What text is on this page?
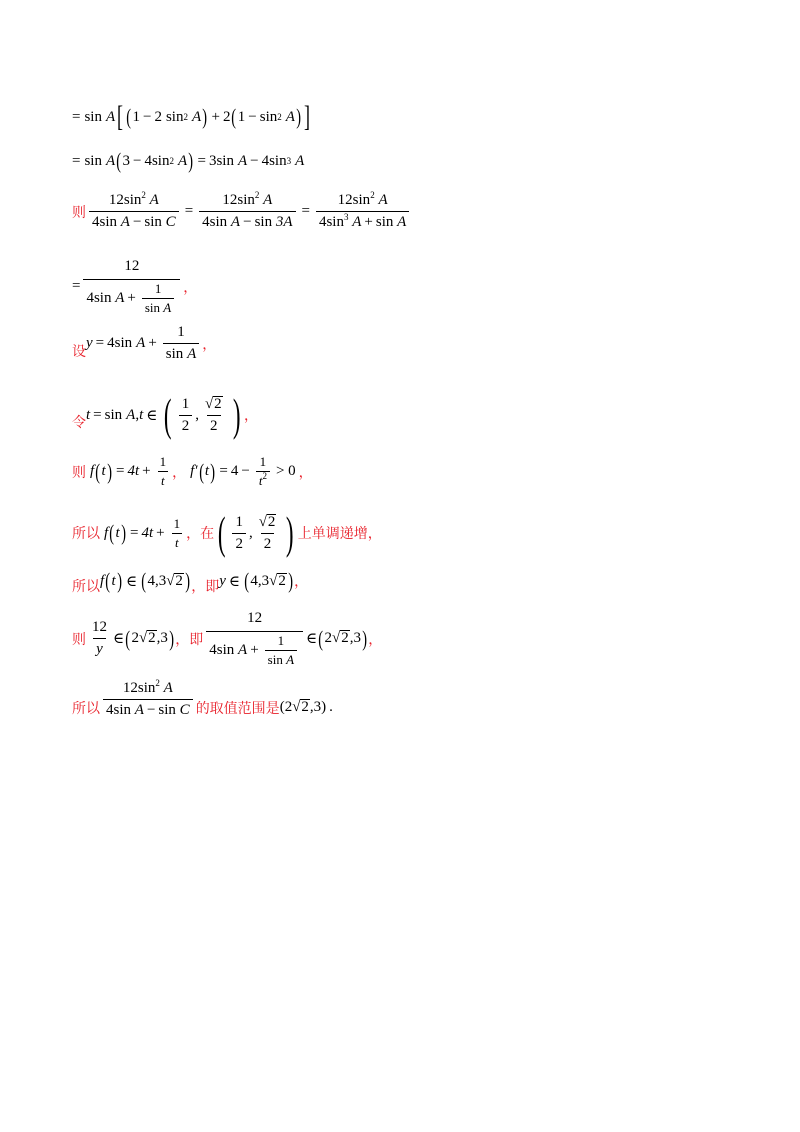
= sin A [ ( 1 − 2 sin 2 A ) + 2 ( 1 − sin 2 A ) ]
= sin A ( 3 − 4 sin 2 A ) = 3 sin A − 4 sin 3 A
则 $\frac{12\sin^2 A}{\text{4sin A − sin C}} = \frac{12\sin^2 A}{\text{4sin A − sin 3A}} = \frac{12\sin^2 A}{4\sin^3 A + \sin A}$
= 12
4 sin
$A + \frac{1}{\text{sin A}}$ ，
设
y = 4 $\sin A + \frac{1}{\text{sin A}}$ ，
令
t = sin A , t ∈ ( $\frac{1}{2}$ , $\frac{√ 2}{2}$ ) ，
则 f ( t ) = $4t + \frac{1}{t}$ ， f′ ( t ) = $4 - \frac{1}{t^2} > 0$ ，
所以 f ( t ) = $4t + \frac{1}{t}$ ，在 ( $\frac{1}{2}$ , $\frac{√ 2}{2}$ ) 上单调递增，
所以 f ( t ) ∈ ( 4,3 √ 2 ) ，即 y ∈ ( 4,3 √ 2 ) ，
则 $\frac{12}{y}$ ∈ ( 2 √ 2 ,3 ) ，即 12
4 sin
$A + \frac{1}{\text{sin A}}$ ∈ ( 2 √ 2 ,3 ) ，
所以 $\frac{12\sin^2 A}{\text{4sin A − sin C}}$ 的取值范围是 ( 2 √ 2 ,3 ) .
